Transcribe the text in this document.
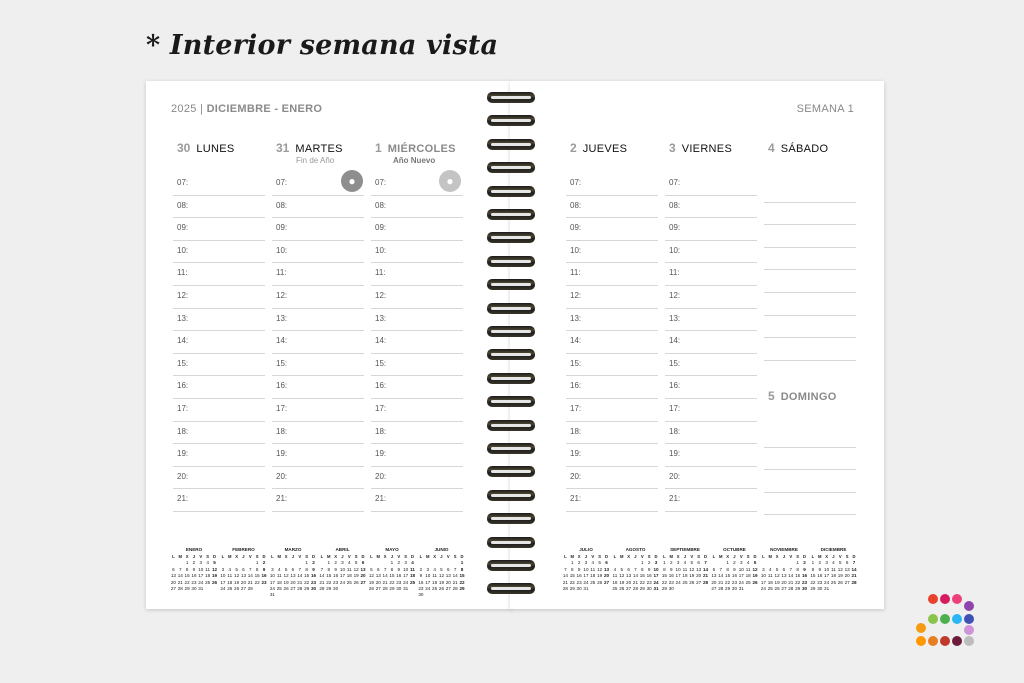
* Interior semana vista
2025 | DICIEMBRE - ENERO
30 LUNES
07:
08:
09:
10:
11:
12:
13:
14:
15:
16:
17:
18:
19:
20:
21:
31 MARTES
Fin de Año
●
07:
08:
09:
10:
11:
12:
13:
14:
15:
16:
17:
18:
19:
20:
21:
1 MIÉRCOLES
Año Nuevo
●
07:
08:
09:
10:
11:
12:
13:
14:
15:
16:
17:
18:
19:
20:
21:
ENERO
L	M	X	J	V	S	D
		1	2	3	4	5
6	7	8	9	10	11	12
13	14	15	16	17	18	19
20	21	22	23	24	25	26
27	28	29	30	31		
FEBRERO
L	M	X	J	V	S	D
					1	2
3	4	5	6	7	8	9
10	11	12	13	14	15	16
17	18	19	20	21	22	23
24	25	26	27	28		
MARZO
L	M	X	J	V	S	D
					1	2
3	4	5	6	7	8	9
10	11	12	13	14	15	16
17	18	19	20	21	22	23
24	25	26	27	28	29	30
31						
ABRIL
L	M	X	J	V	S	D
	1	2	3	4	5	6
7	8	9	10	11	12	13
14	15	16	17	18	19	20
21	22	23	24	25	26	27
28	29	30				
MAYO
L	M	X	J	V	S	D
			1	2	3	4
5	6	7	8	9	10	11
12	13	14	15	16	17	18
19	20	21	22	23	24	25
26	27	28	29	30	31	
JUNIO
L	M	X	J	V	S	D
						1
2	3	4	5	6	7	8
9	10	11	12	13	14	15
16	17	18	19	20	21	22
23	24	25	26	27	28	29
30						
SEMANA 1
2 JUEVES
07:
08:
09:
10:
11:
12:
13:
14:
15:
16:
17:
18:
19:
20:
21:
3 VIERNES
07:
08:
09:
10:
11:
12:
13:
14:
15:
16:
17:
18:
19:
20:
21:
4 SÁBADO
5 DOMINGO
JULIO
L	M	X	J	V	S	D
	1	2	3	4	5	6
7	8	9	10	11	12	13
14	15	16	17	18	19	20
21	22	23	24	25	26	27
28	29	30	31			
AGOSTO
L	M	X	J	V	S	D
				1	2	3
4	5	6	7	8	9	10
11	12	13	14	15	16	17
18	19	20	21	22	23	24
25	26	27	28	29	30	31
SEPTIEMBRE
L	M	X	J	V	S	D
1	2	3	4	5	6	7
8	9	10	11	12	13	14
15	16	17	18	19	20	21
22	23	24	25	26	27	28
29	30					
OCTUBRE
L	M	X	J	V	S	D
		1	2	3	4	5
6	7	8	9	10	11	12
13	14	15	16	17	18	19
20	21	22	23	24	25	26
27	28	29	30	31		
NOVIEMBRE
L	M	X	J	V	S	D
					1	2
3	4	5	6	7	8	9
10	11	12	13	14	15	16
17	18	19	20	21	22	23
24	25	26	27	28	29	30
DICIEMBRE
L	M	X	J	V	S	D
1	2	3	4	5	6	7
8	9	10	11	12	13	14
15	16	17	18	19	20	21
22	23	24	25	26	27	28
29	30	31				
